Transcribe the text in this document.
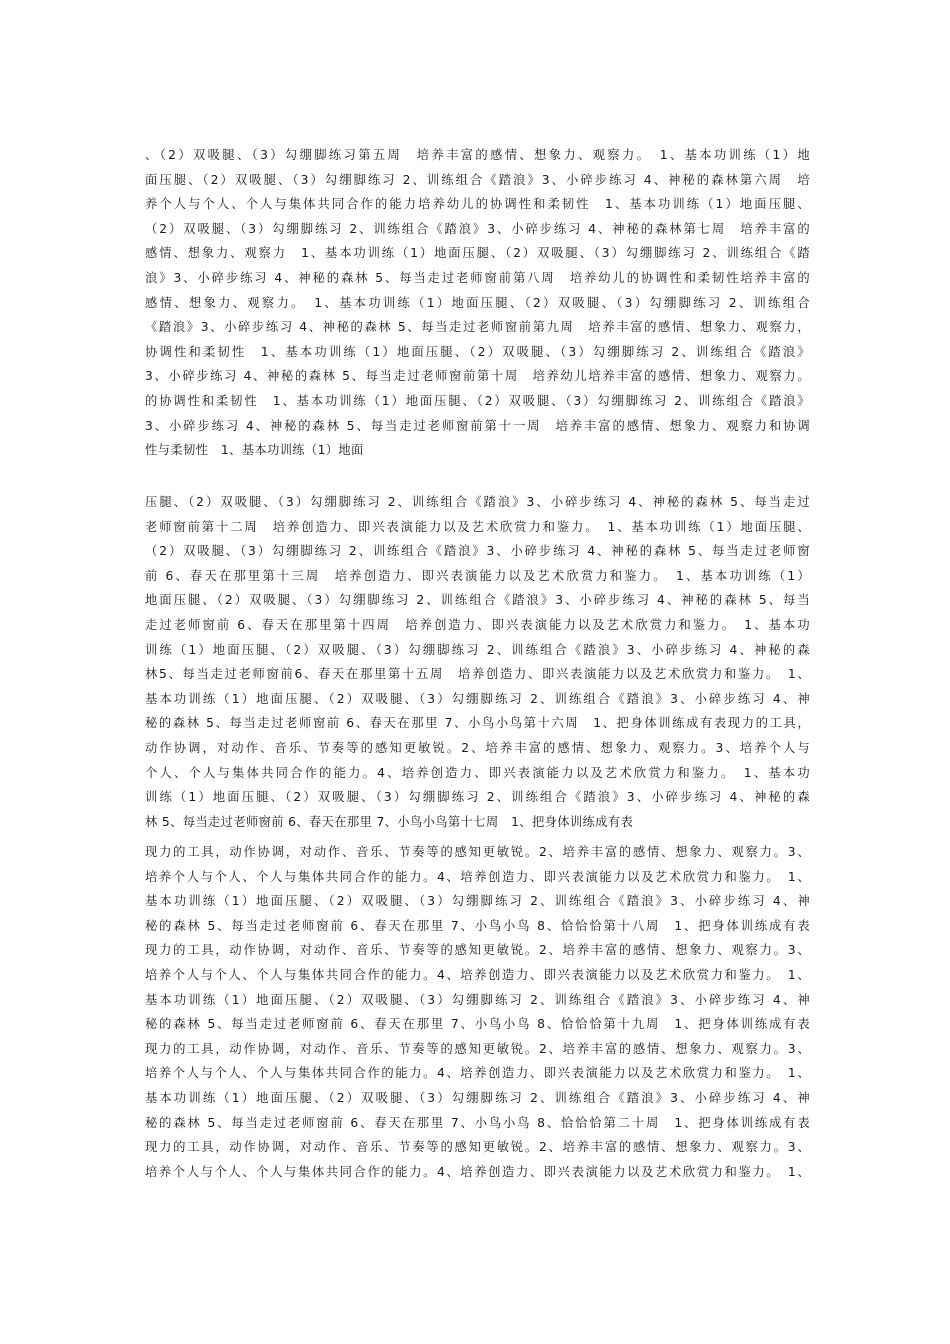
、（2）双吸腿、（3）勾绷脚练习第五周　培养丰富的感情、想象力、观察力。　1、基本功训练（1）地
面压腿、（2）双吸腿、（3）勾绷脚练习 2、训练组合《踏浪》3、小碎步练习 4、神秘的森林第六周　培
养个人与个人、个人与集体共同合作的能力培养幼儿的协调性和柔韧性　1、基本功训练（1）地面压腿、
（2）双吸腿、（3）勾绷脚练习 2、训练组合《踏浪》3、小碎步练习 4、神秘的森林第七周　培养丰富的
感情、想象力、观察力　1、基本功训练（1）地面压腿、（2）双吸腿、（3）勾绷脚练习 2、训练组合《踏
浪》3、小碎步练习 4、神秘的森林 5、每当走过老师窗前第八周　培养幼儿的协调性和柔韧性培养丰富的
感情、想象力、观察力。　1、基本功训练（1）地面压腿、（2）双吸腿、（3）勾绷脚练习 2、训练组合
《踏浪》3、小碎步练习 4、神秘的森林 5、每当走过老师窗前第九周　培养丰富的感情、想象力、观察力，
协调性和柔韧性　1、基本功训练（1）地面压腿、（2）双吸腿、（3）勾绷脚练习 2、训练组合《踏浪》
3、小碎步练习 4、神秘的森林 5、每当走过老师窗前第十周　培养幼儿培养丰富的感情、想象力、观察力。
的协调性和柔韧性　1、基本功训练（1）地面压腿、（2）双吸腿、（3）勾绷脚练习 2、训练组合《踏浪》
3、小碎步练习 4、神秘的森林 5、每当走过老师窗前第十一周　培养丰富的感情、想象力、观察力和协调
性与柔韧性　1、基本功训练（1）地面
压腿、（2）双吸腿、（3）勾绷脚练习 2、训练组合《踏浪》3、小碎步练习 4、神秘的森林 5、每当走过
老师窗前第十二周　培养创造力、即兴表演能力以及艺术欣赏力和鉴力。　1、基本功训练（1）地面压腿、
（2）双吸腿、（3）勾绷脚练习 2、训练组合《踏浪》3、小碎步练习 4、神秘的森林 5、每当走过老师窗
前 6、春天在那里第十三周　培养创造力、即兴表演能力以及艺术欣赏力和鉴力。　1、基本功训练（1）
地面压腿、（2）双吸腿、（3）勾绷脚练习 2、训练组合《踏浪》3、小碎步练习 4、神秘的森林 5、每当
走过老师窗前 6、春天在那里第十四周　培养创造力、即兴表演能力以及艺术欣赏力和鉴力。　1、基本功
训练（1）地面压腿、（2）双吸腿、（3）勾绷脚练习 2、训练组合《踏浪》3、小碎步练习 4、神秘的森
林5、每当走过老师窗前6、春天在那里第十五周　培养创造力、即兴表演能力以及艺术欣赏力和鉴力。　1、
基本功训练（1）地面压腿、（2）双吸腿、（3）勾绷脚练习 2、训练组合《踏浪》3、小碎步练习 4、神
秘的森林 5、每当走过老师窗前 6、春天在那里 7、小鸟小鸟第十六周　1、把身体训练成有表现力的工具，
动作协调，对动作、音乐、节奏等的感知更敏锐。2、培养丰富的感情、想象力、观察力。3、培养个人与
个人、个人与集体共同合作的能力。4、培养创造力、即兴表演能力以及艺术欣赏力和鉴力。　1、基本功
训练（1）地面压腿、（2）双吸腿、（3）勾绷脚练习 2、训练组合《踏浪》3、小碎步练习 4、神秘的森
林 5、每当走过老师窗前 6、春天在那里 7、小鸟小鸟第十七周　1、把身体训练成有表
现力的工具，动作协调，对动作、音乐、节奏等的感知更敏锐。2、培养丰富的感情、想象力、观察力。3、
培养个人与个人、个人与集体共同合作的能力。4、培养创造力、即兴表演能力以及艺术欣赏力和鉴力。　1、
基本功训练（1）地面压腿、（2）双吸腿、（3）勾绷脚练习 2、训练组合《踏浪》3、小碎步练习 4、神
秘的森林 5、每当走过老师窗前 6、春天在那里 7、小鸟小鸟 8、恰恰恰第十八周　1、把身体训练成有表
现力的工具，动作协调，对动作、音乐、节奏等的感知更敏锐。2、培养丰富的感情、想象力、观察力。3、
培养个人与个人、个人与集体共同合作的能力。4、培养创造力、即兴表演能力以及艺术欣赏力和鉴力。　1、
基本功训练（1）地面压腿、（2）双吸腿、（3）勾绷脚练习 2、训练组合《踏浪》3、小碎步练习 4、神
秘的森林 5、每当走过老师窗前 6、春天在那里 7、小鸟小鸟 8、恰恰恰第十九周　1、把身体训练成有表
现力的工具，动作协调，对动作、音乐、节奏等的感知更敏锐。2、培养丰富的感情、想象力、观察力。3、
培养个人与个人、个人与集体共同合作的能力。4、培养创造力、即兴表演能力以及艺术欣赏力和鉴力。　1、
基本功训练（1）地面压腿、（2）双吸腿、（3）勾绷脚练习 2、训练组合《踏浪》3、小碎步练习 4、神
秘的森林 5、每当走过老师窗前 6、春天在那里 7、小鸟小鸟 8、恰恰恰第二十周　1、把身体训练成有表
现力的工具，动作协调，对动作、音乐、节奏等的感知更敏锐。2、培养丰富的感情、想象力、观察力。3、
培养个人与个人、个人与集体共同合作的能力。4、培养创造力、即兴表演能力以及艺术欣赏力和鉴力。　1、
